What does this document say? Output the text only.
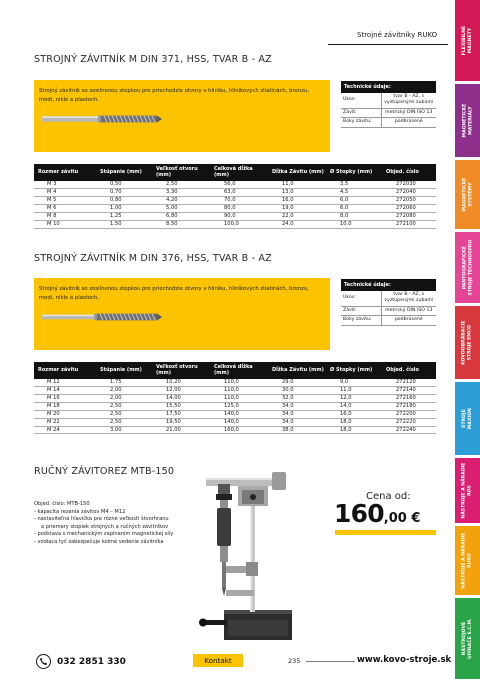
FLEXIBILNÉ
MAGNETY
MAGNETICKÉ
MATERIÁLY
MAGNETICKÉ
SYSTÉMY
PANTOGRAFICKÉ
STROJE TECHNOSPRO
KOVOOBRÁBACIE
STROJE EMCO
STROJE
MAXION
NÁSTROJE A NÁRADIE
RDS
NÁSTROJE A NÁRADIE
RUKO
NÁSTROJOVÉ
UPÍNAČE S.C.M.
Strojné závitníky RUKO
STROJNÝ ZÁVITNÍK M DIN 371, HSS, TVAR B - AZ
Strojný závitník so zosilnenou stopkou pre priechodzie otvory v hliníku, hliníkových zliatinách, bronzu, medi, nikle a plastoch.
Technické údaje:
Úkos:	tvar B - AZ, s vyztúpenými zubami
Závit:	metrický DIN ISO 13
Boky závitu:	podbrúsené
Rozmer závitu	Stúpanie (mm)	Veľkosť otvoru (mm)	Celková dĺžka (mm)	Dĺžka Závitu (mm)	Ø Stopky (mm)	Objed. číslo
M 3	0,50	2,50	56,0	11,0	3,5	272030
M 4	0,70	3,30	63,0	13,0	4,5	272040
M 5	0,80	4,20	70,0	16,0	6,0	272050
M 6	1,00	5,00	80,0	19,0	6,0	272060
M 8	1,25	6,80	90,0	22,0	8,0	272080
M 10	1,50	8,50	100,0	24,0	10,0	272100
STROJNÝ ZÁVITNÍK M DIN 376, HSS, TVAR B - AZ
Strojný závitník so zosilnenou stopkou pre priechodzie otvory v hliníku, hliníkových zliatinách, bronzu, medi, nikle a plastoch.
Technické údaje:
Úkos:	tvar B - AZ, s vyztúpenými zubami
Závit:	metrický DIN ISO 13
Boky závitu:	podbrúsené
Rozmer závitu	Stúpanie (mm)	Veľkosť otvoru (mm)	Celková dĺžka (mm)	Dĺžka Závitu (mm)	Ø Stopky (mm)	Objed. číslo
M 12	1,75	10,20	110,0	29,0	9,0	272120
M 14	2,00	12,00	110,0	30,0	11,0	272140
M 16	2,00	14,00	110,0	32,0	12,0	272160
M 18	2,50	15,50	125,0	34,0	14,0	272180
M 20	2,50	17,50	140,0	34,0	16,0	272200
M 22	2,50	19,50	140,0	34,0	18,0	272220
M 24	3,00	21,00	160,0	38,0	18,0	272240
RUČNÝ ZÁVITOREZ MTB-150
Objed. číslo: MTB-150
- kapacita rezania závitov M4 – M12
- nastaviteľná hlavička pre rôzne veľkosti štvorhranu
a priemery stopiek strojných a ručných závitníkov
- podstava s mechanickým zapínaním magnetickej sily
- vodiaca tyč zabezpečuje kolmé vedenie závitníka
Cena od:
160,00 €
032 2851 330	Kontakt	235	www.kovo-stroje.sk
